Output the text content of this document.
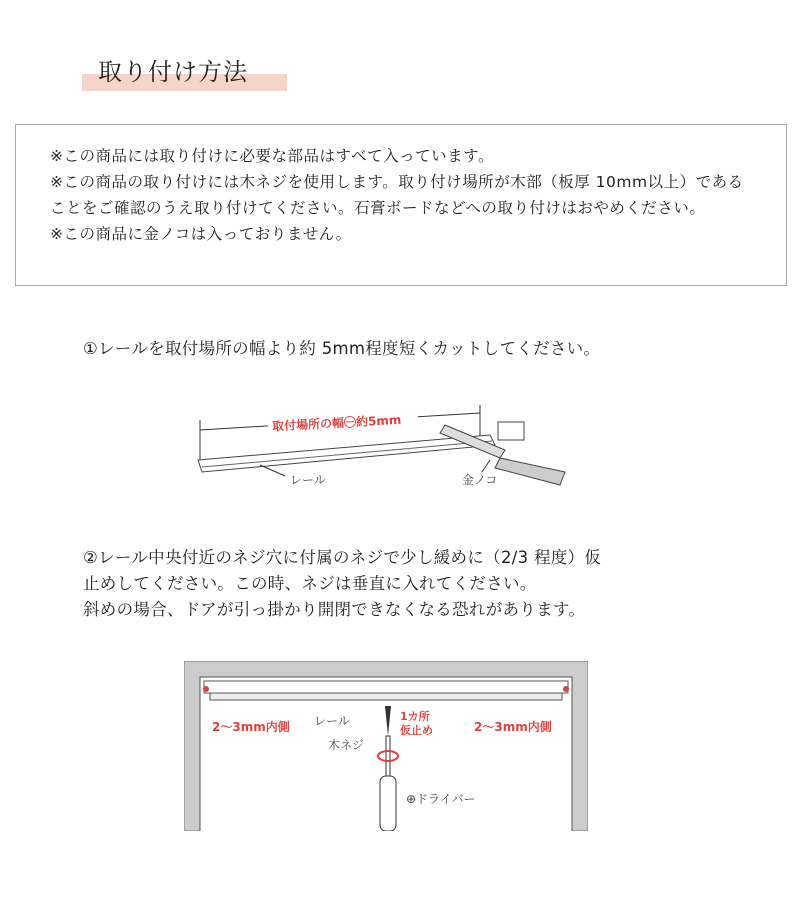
取り付け方法
※この商品には取り付けに必要な部品はすべて入っています。
※この商品の取り付けには木ネジを使用します。取り付け場所が木部（板厚 10mm以上）であることをご確認のうえ取り付けてください。石膏ボードなどへの取り付けはおやめください。
※この商品に金ノコは入っておりません。
①レールを取付場所の幅より約 5mm程度短くカットしてください。
取付場所の幅㊀約5mm
レール	金ノコ
②レール中央付近のネジ穴に付属のネジで少し緩めに（2/3 程度）仮
止めしてください。この時、ネジは垂直に入れてください。
斜めの場合、ドアが引っ掛かり開閉できなくなる恐れがあります。
2～3mm内側	2～3mm内側
レール	1カ所
仮止め
木ネジ
⊕ドライバー
